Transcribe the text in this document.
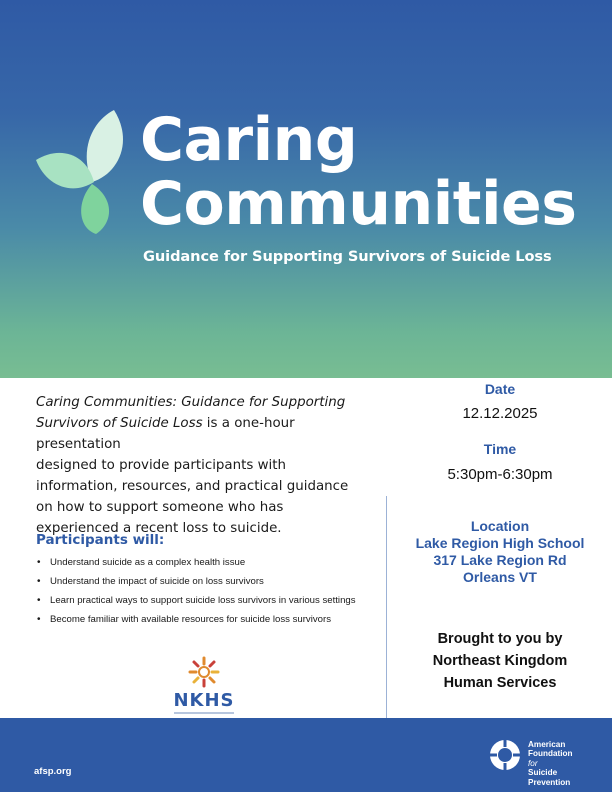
Caring
Communities
Guidance for Supporting Survivors of Suicide Loss
Caring Communities: Guidance for Supporting
Survivors of Suicide Loss is a one-hour presentation
designed to provide participants with
information, resources, and practical guidance
on how to support someone who has
experienced a recent loss to suicide.
Participants will:
• Understand suicide as a complex health issue
• Understand the impact of suicide on loss survivors
• Learn practical ways to support suicide loss survivors in various settings
• Become familiar with available resources for suicide loss survivors
NKHS
Date
12.12.2025
Time
5:30pm-6:30pm
Location
Lake Region High School
317 Lake Region Rd
Orleans VT
Brought to you by
Northeast Kingdom
Human Services
afsp.org
American
Foundation
for
Suicide
Prevention
